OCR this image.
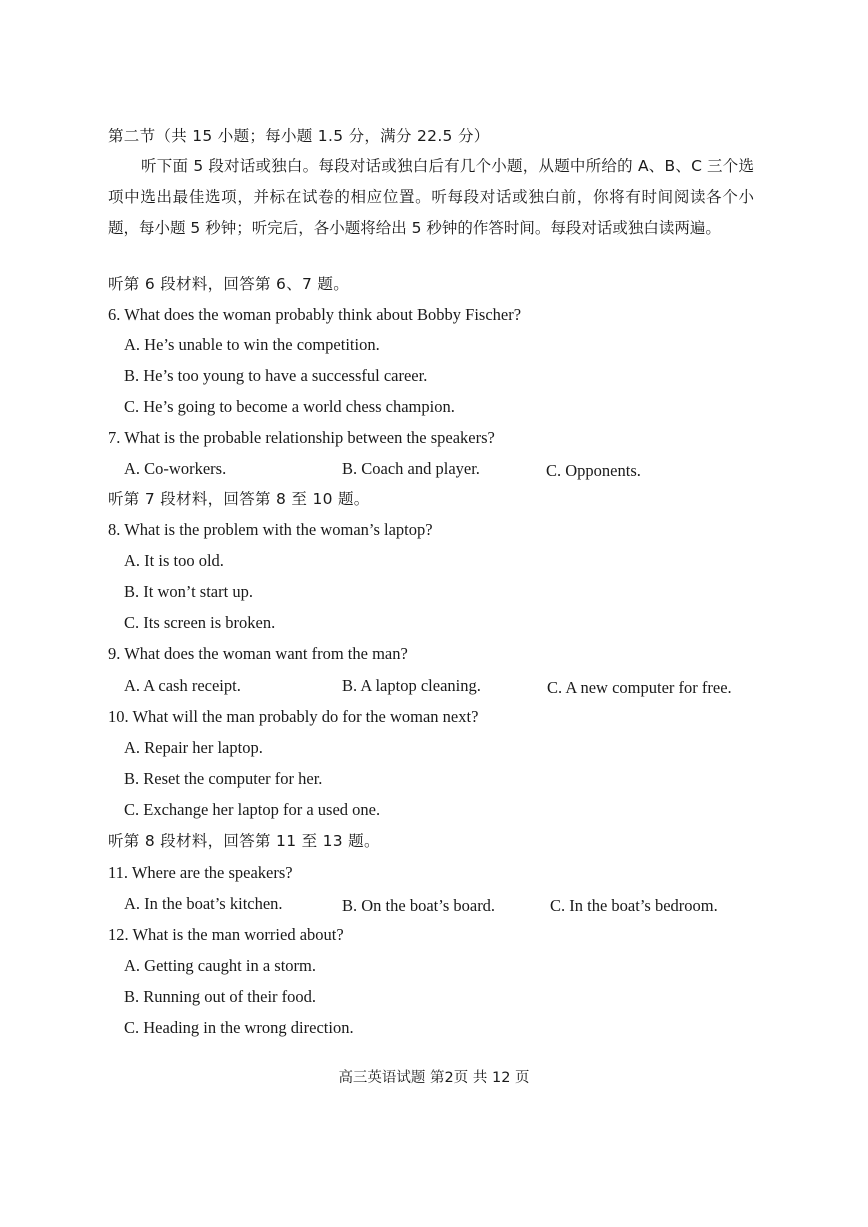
第二节（共 15 小题；每小题 1.5 分，满分 22.5 分）
听下面 5 段对话或独白。每段对话或独白后有几个小题，从题中所给的 A、B、C 三个选项中选出最佳选项，并标在试卷的相应位置。听每段对话或独白前，你将有时间阅读各个小题，每小题 5 秒钟；听完后，各小题将给出 5 秒钟的作答时间。每段对话或独白读两遍。
听第 6 段材料，回答第 6、7 题。
6. What does the woman probably think about Bobby Fischer?
A. He’s unable to win the competition.
B. He’s too young to have a successful career.
C. He’s going to become a world chess champion.
7. What is the probable relationship between the speakers?
A. Co-workers.	B. Coach and player.	C. Opponents.
听第 7 段材料，回答第 8 至 10 题。
8. What is the problem with the woman’s laptop?
A. It is too old.
B. It won’t start up.
C. Its screen is broken.
9. What does the woman want from the man?
A. A cash receipt.	B. A laptop cleaning.	C. A new computer for free.
10. What will the man probably do for the woman next?
A. Repair her laptop.
B. Reset the computer for her.
C. Exchange her laptop for a used one.
听第 8 段材料，回答第 11 至 13 题。
11. Where are the speakers?
A. In the boat’s kitchen.	B. On the boat’s board.	C. In the boat’s bedroom.
12. What is the man worried about?
A. Getting caught in a storm.
B. Running out of their food.
C. Heading in the wrong direction.
高三英语试题 第2页 共 12 页
